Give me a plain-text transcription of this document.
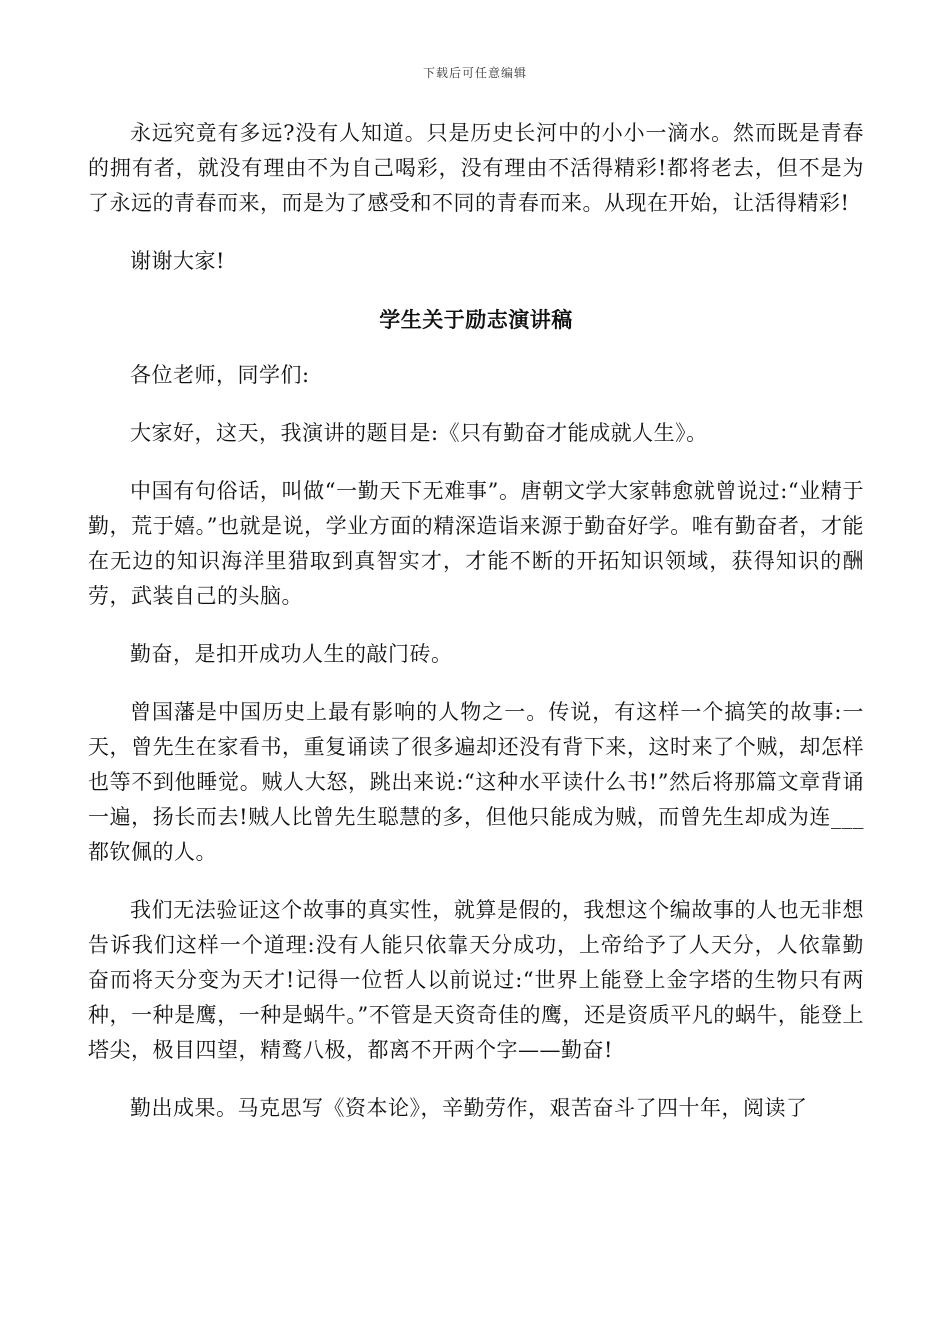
下载后可任意编辑

永远究竟有多远?没有人知道。只是历史长河中的小小一滴水。然而既是青春的拥有者，就没有理由不为自己喝彩，没有理由不活得精彩!都将老去，但不是为了永远的青春而来，而是为了感受和不同的青春而来。从现在开始，让活得精彩!

谢谢大家!

学生关于励志演讲稿

各位老师，同学们:

大家好，这天，我演讲的题目是:《只有勤奋才能成就人生》。

中国有句俗话，叫做“一勤天下无难事”。唐朝文学大家韩愈就曾说过:“业精于勤，荒于嬉。”也就是说，学业方面的精深造诣来源于勤奋好学。唯有勤奋者，才能在无边的知识海洋里猎取到真智实才，才能不断的开拓知识领域，获得知识的酬劳，武装自己的头脑。

勤奋，是扣开成功人生的敲门砖。

曾国藩是中国历史上最有影响的人物之一。传说，有这样一个搞笑的故事:一天，曾先生在家看书，重复诵读了很多遍却还没有背下来，这时来了个贼，却怎样也等不到他睡觉。贼人大怒，跳出来说:“这种水平读什么书!”然后将那篇文章背诵一遍，扬长而去!贼人比曾先生聪慧的多，但他只能成为贼，而曾先生却成为连___都钦佩的人。

我们无法验证这个故事的真实性，就算是假的，我想这个编故事的人也无非想告诉我们这样一个道理:没有人能只依靠天分成功，上帝给予了人天分，人依靠勤奋而将天分变为天才!记得一位哲人以前说过:“世界上能登上金字塔的生物只有两种，一种是鹰，一种是蜗牛。”不管是天资奇佳的鹰，还是资质平凡的蜗牛，能登上塔尖，极目四望，精鹜八极，都离不开两个字——勤奋!

勤出成果。马克思写《资本论》，辛勤劳作，艰苦奋斗了四十年，阅读了
